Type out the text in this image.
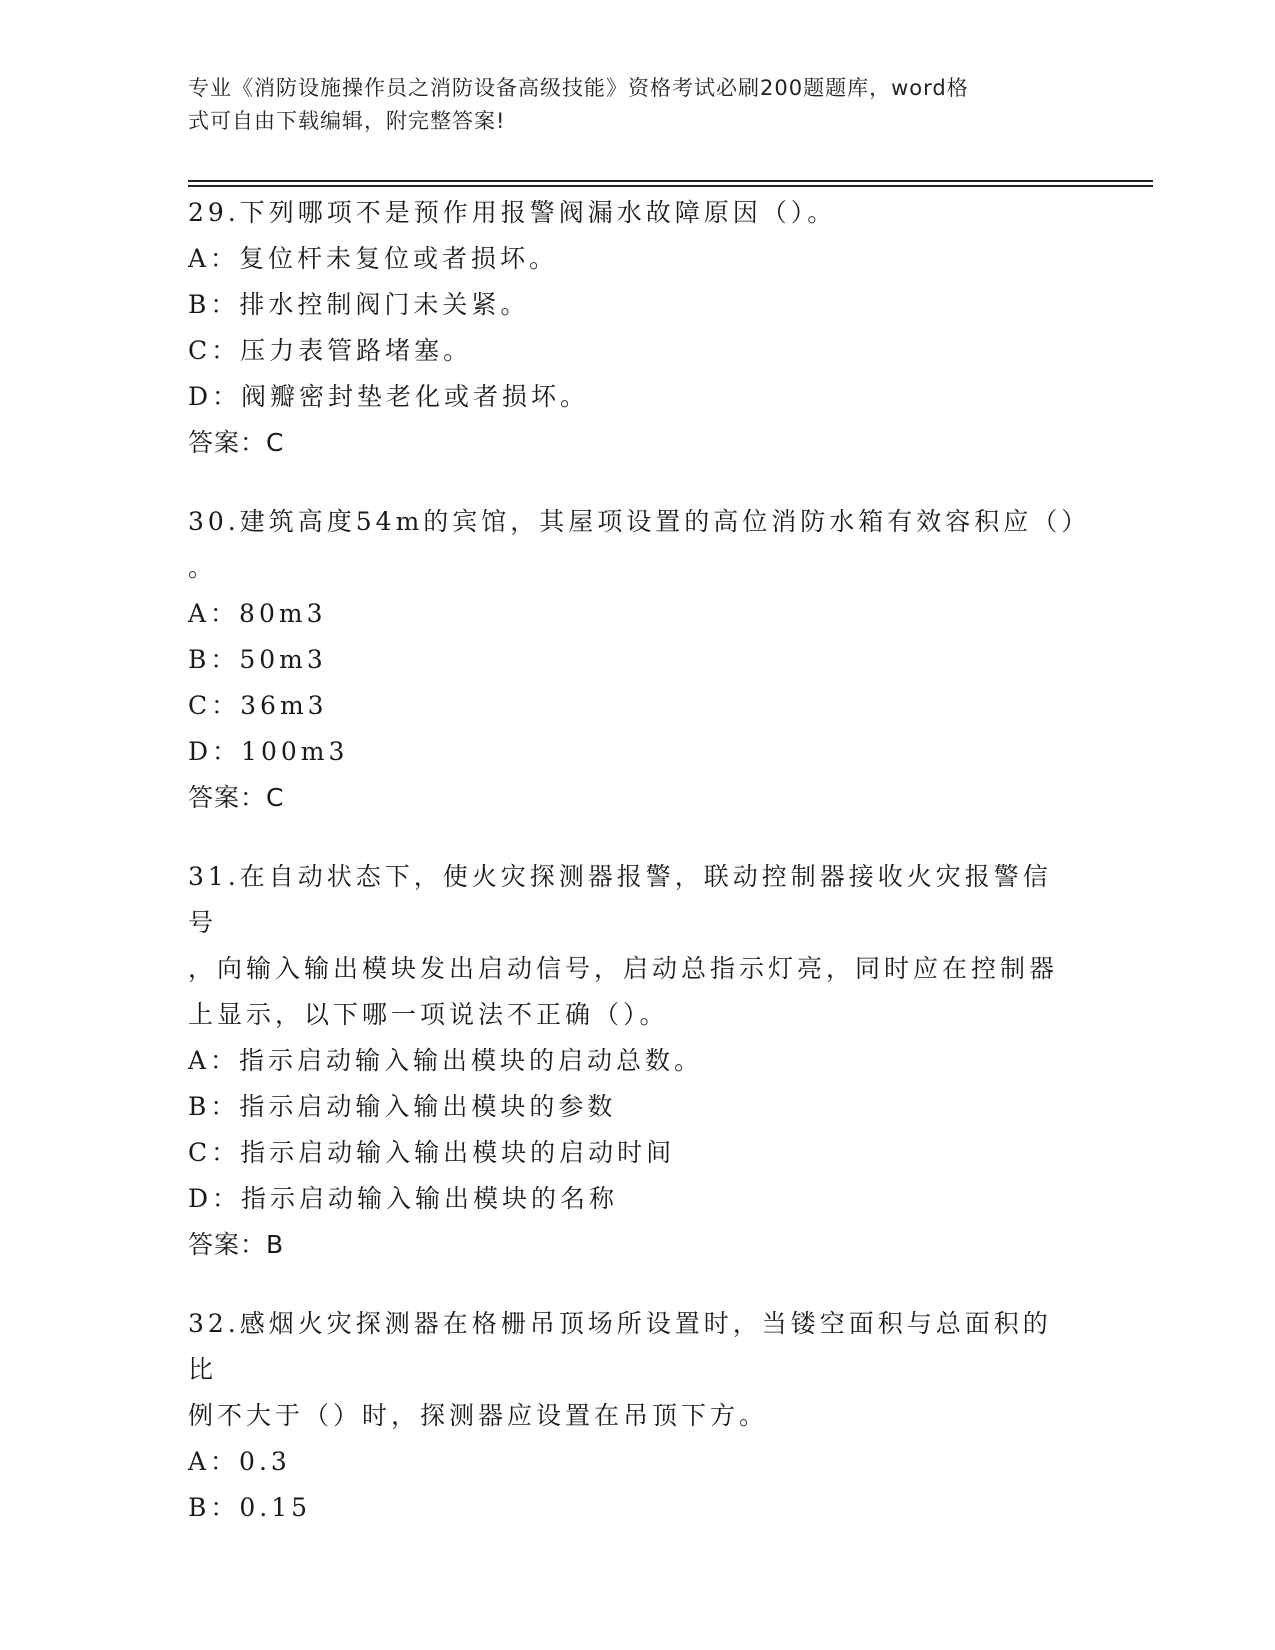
专业《消防设施操作员之消防设备高级技能》资格考试必刷200题题库，word格
式可自由下载编辑，附完整答案!
29.下列哪项不是预作用报警阀漏水故障原因（）。
A：复位杆未复位或者损坏。
B：排水控制阀门未关紧。
C：压力表管路堵塞。
D：阀瓣密封垫老化或者损坏。
答案：C
30.建筑高度54m的宾馆，其屋项设置的高位消防水箱有效容积应（）
。
A：80m3
B：50m3
C：36m3
D：100m3
答案：C
31.在自动状态下，使火灾探测器报警，联动控制器接收火灾报警信号
，向输入输出模块发出启动信号，启动总指示灯亮，同时应在控制器
上显示，以下哪一项说法不正确（）。
A：指示启动输入输出模块的启动总数。
B：指示启动输入输出模块的参数
C：指示启动输入输出模块的启动时间
D：指示启动输入输出模块的名称
答案：B
32.感烟火灾探测器在格栅吊顶场所设置时，当镂空面积与总面积的比
例不大于（）时，探测器应设置在吊顶下方。
A：0.3
B：0.15
